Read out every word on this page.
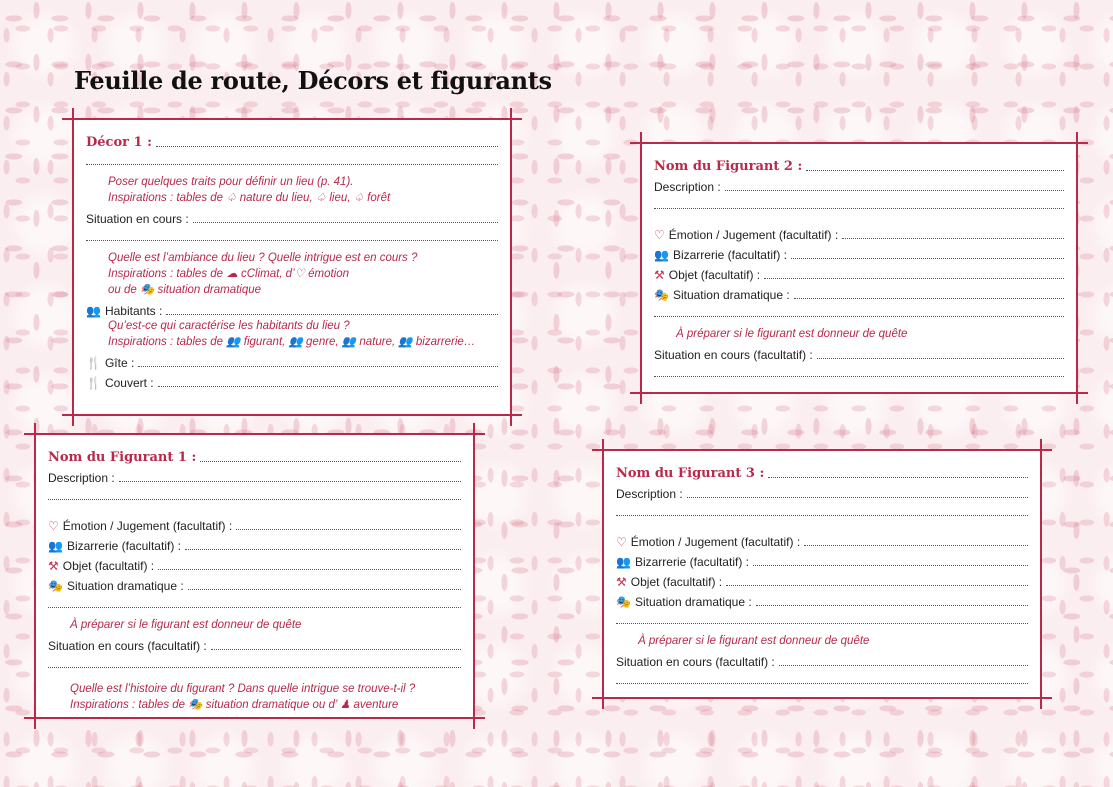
Feuille de route, Décors et figurants
Décor 1 :

Poser quelques traits pour définir un lieu (p. 41).

Inspirations : tables de ♤ nature du lieu, ♤ lieu, ♤ forêt

Situation en cours :

Quelle est l’ambiance du lieu ? Quelle intrigue est en cours ?

Inspirations : tables de ☁ cClimat, d’♡ émotion

ou de 🎭 situation dramatique

👥 Habitants :

Qu’est-ce qui caractérise les habitants du lieu ?

Inspirations : tables de 👥 figurant, 👥 genre, 👥 nature, 👥 bizarrerie…

🍴 Gîte :
🍴 Couvert :
Nom du Figurant 2 :
Description :
♡ Émotion / Jugement (facultatif) :
👥 Bizarrerie (facultatif) :
⚒ Objet (facultatif) :
🎭 Situation dramatique :
À préparer si le figurant est donneur de quête
Situation en cours (facultatif) :
Nom du Figurant 1 :
Description :
♡ Émotion / Jugement (facultatif) :
👥 Bizarrerie (facultatif) :
⚒ Objet (facultatif) :
🎭 Situation dramatique :
À préparer si le figurant est donneur de quête
Situation en cours (facultatif) :

Quelle est l’histoire du figurant ? Dans quelle intrigue se trouve-t-il ?

Inspirations : tables de 🎭 situation dramatique ou d’ ♟ aventure

Nom du Figurant 3 :
Description :
♡ Émotion / Jugement (facultatif) :
👥 Bizarrerie (facultatif) :
⚒ Objet (facultatif) :
🎭 Situation dramatique :
À préparer si le figurant est donneur de quête
Situation en cours (facultatif) :
